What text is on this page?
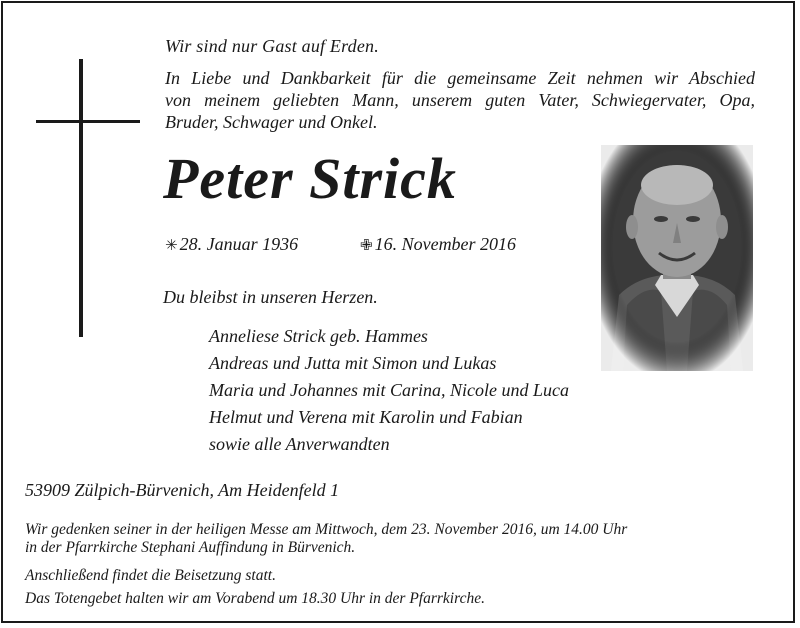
Wir sind nur Gast auf Erden.

In Liebe und Dankbarkeit für die gemeinsame Zeit nehmen wir Abschied
von meinem geliebten Mann, unserem guten Vater, Schwiegervater, Opa,
Bruder, Schwager und Onkel.
Peter Strick
✳ 28. Januar 1936	✙ 16. November 2016

Du bleibst in unseren Herzen.

Anneliese Strick geb. Hammes
Andreas und Jutta mit Simon und Lukas
Maria und Johannes mit Carina, Nicole und Luca
Helmut und Verena mit Karolin und Fabian
sowie alle Anverwandten

53909 Zülpich-Bürvenich, Am Heidenfeld 1

Wir gedenken seiner in der heiligen Messe am Mittwoch, dem 23. November 2016, um 14.00 Uhr
in der Pfarrkirche Stephani Auffindung in Bürvenich.

Anschließend findet die Beisetzung statt.

Das Totengebet halten wir am Vorabend um 18.30 Uhr in der Pfarrkirche.
